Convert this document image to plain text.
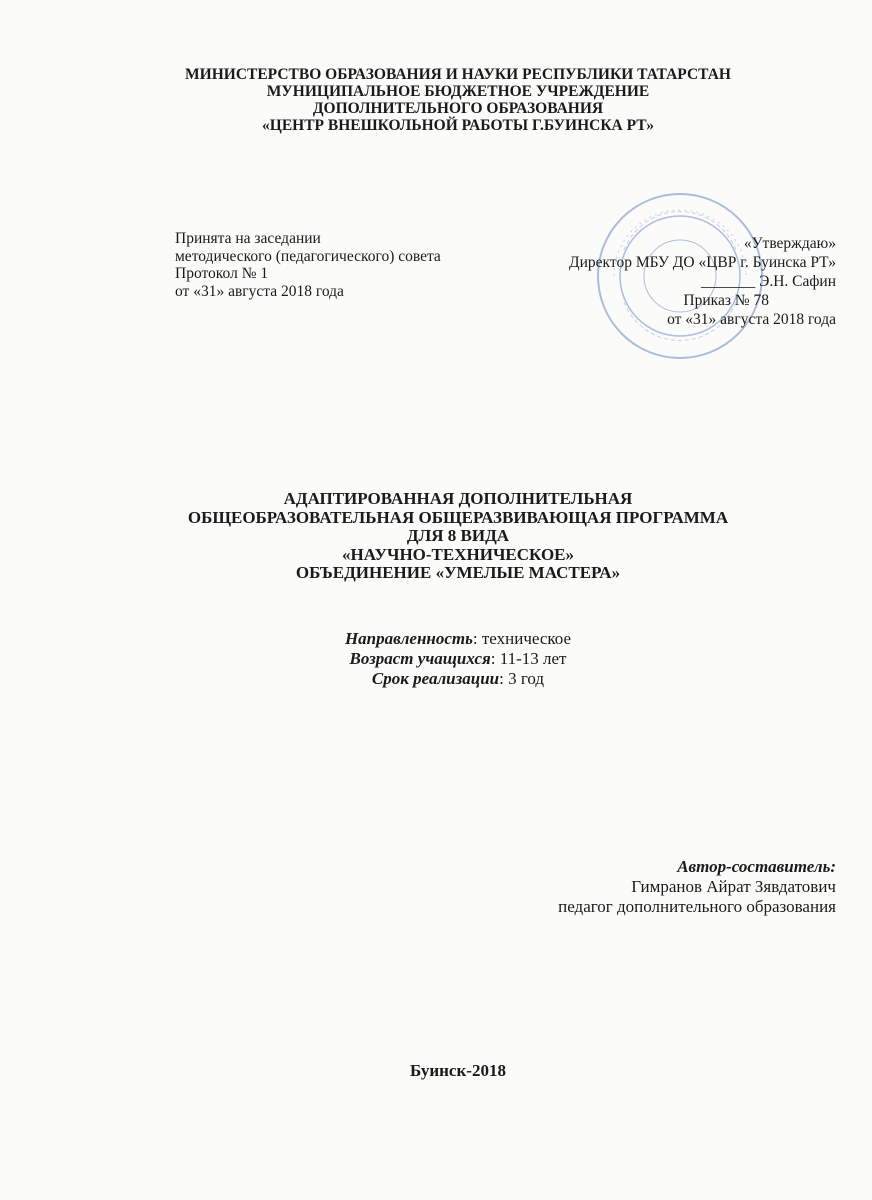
МИНИСТЕРСТВО ОБРАЗОВАНИЯ И НАУКИ РЕСПУБЛИКИ ТАТАРСТАН
МУНИЦИПАЛЬНОЕ БЮДЖЕТНОЕ УЧРЕЖДЕНИЕ
ДОПОЛНИТЕЛЬНОГО ОБРАЗОВАНИЯ
«ЦЕНТР ВНЕШКОЛЬНОЙ РАБОТЫ Г.БУИНСКА РТ»
Принята на заседании
методического (педагогического) совета
Протокол № 1
от «31» августа 2018 года
«Утверждаю»
Директор МБУ ДО «ЦВР г. Буинска РТ»
_______ Э.Н. Сафин
Приказ № 78
от «31» августа 2018 года
АДАПТИРОВАННАЯ ДОПОЛНИТЕЛЬНАЯ
ОБЩЕОБРАЗОВАТЕЛЬНАЯ ОБЩЕРАЗВИВАЮЩАЯ ПРОГРАММА
ДЛЯ 8 ВИДА
«НАУЧНО-ТЕХНИЧЕСКОЕ»
ОБЪЕДИНЕНИЕ «УМЕЛЫЕ МАСТЕРА»
Направленность: техническое
Возраст учащихся: 11-13 лет
Срок реализации: 3 год
Автор-составитель:
Гимранов Айрат Зявдатович
педагог дополнительного образования
Буинск-2018
